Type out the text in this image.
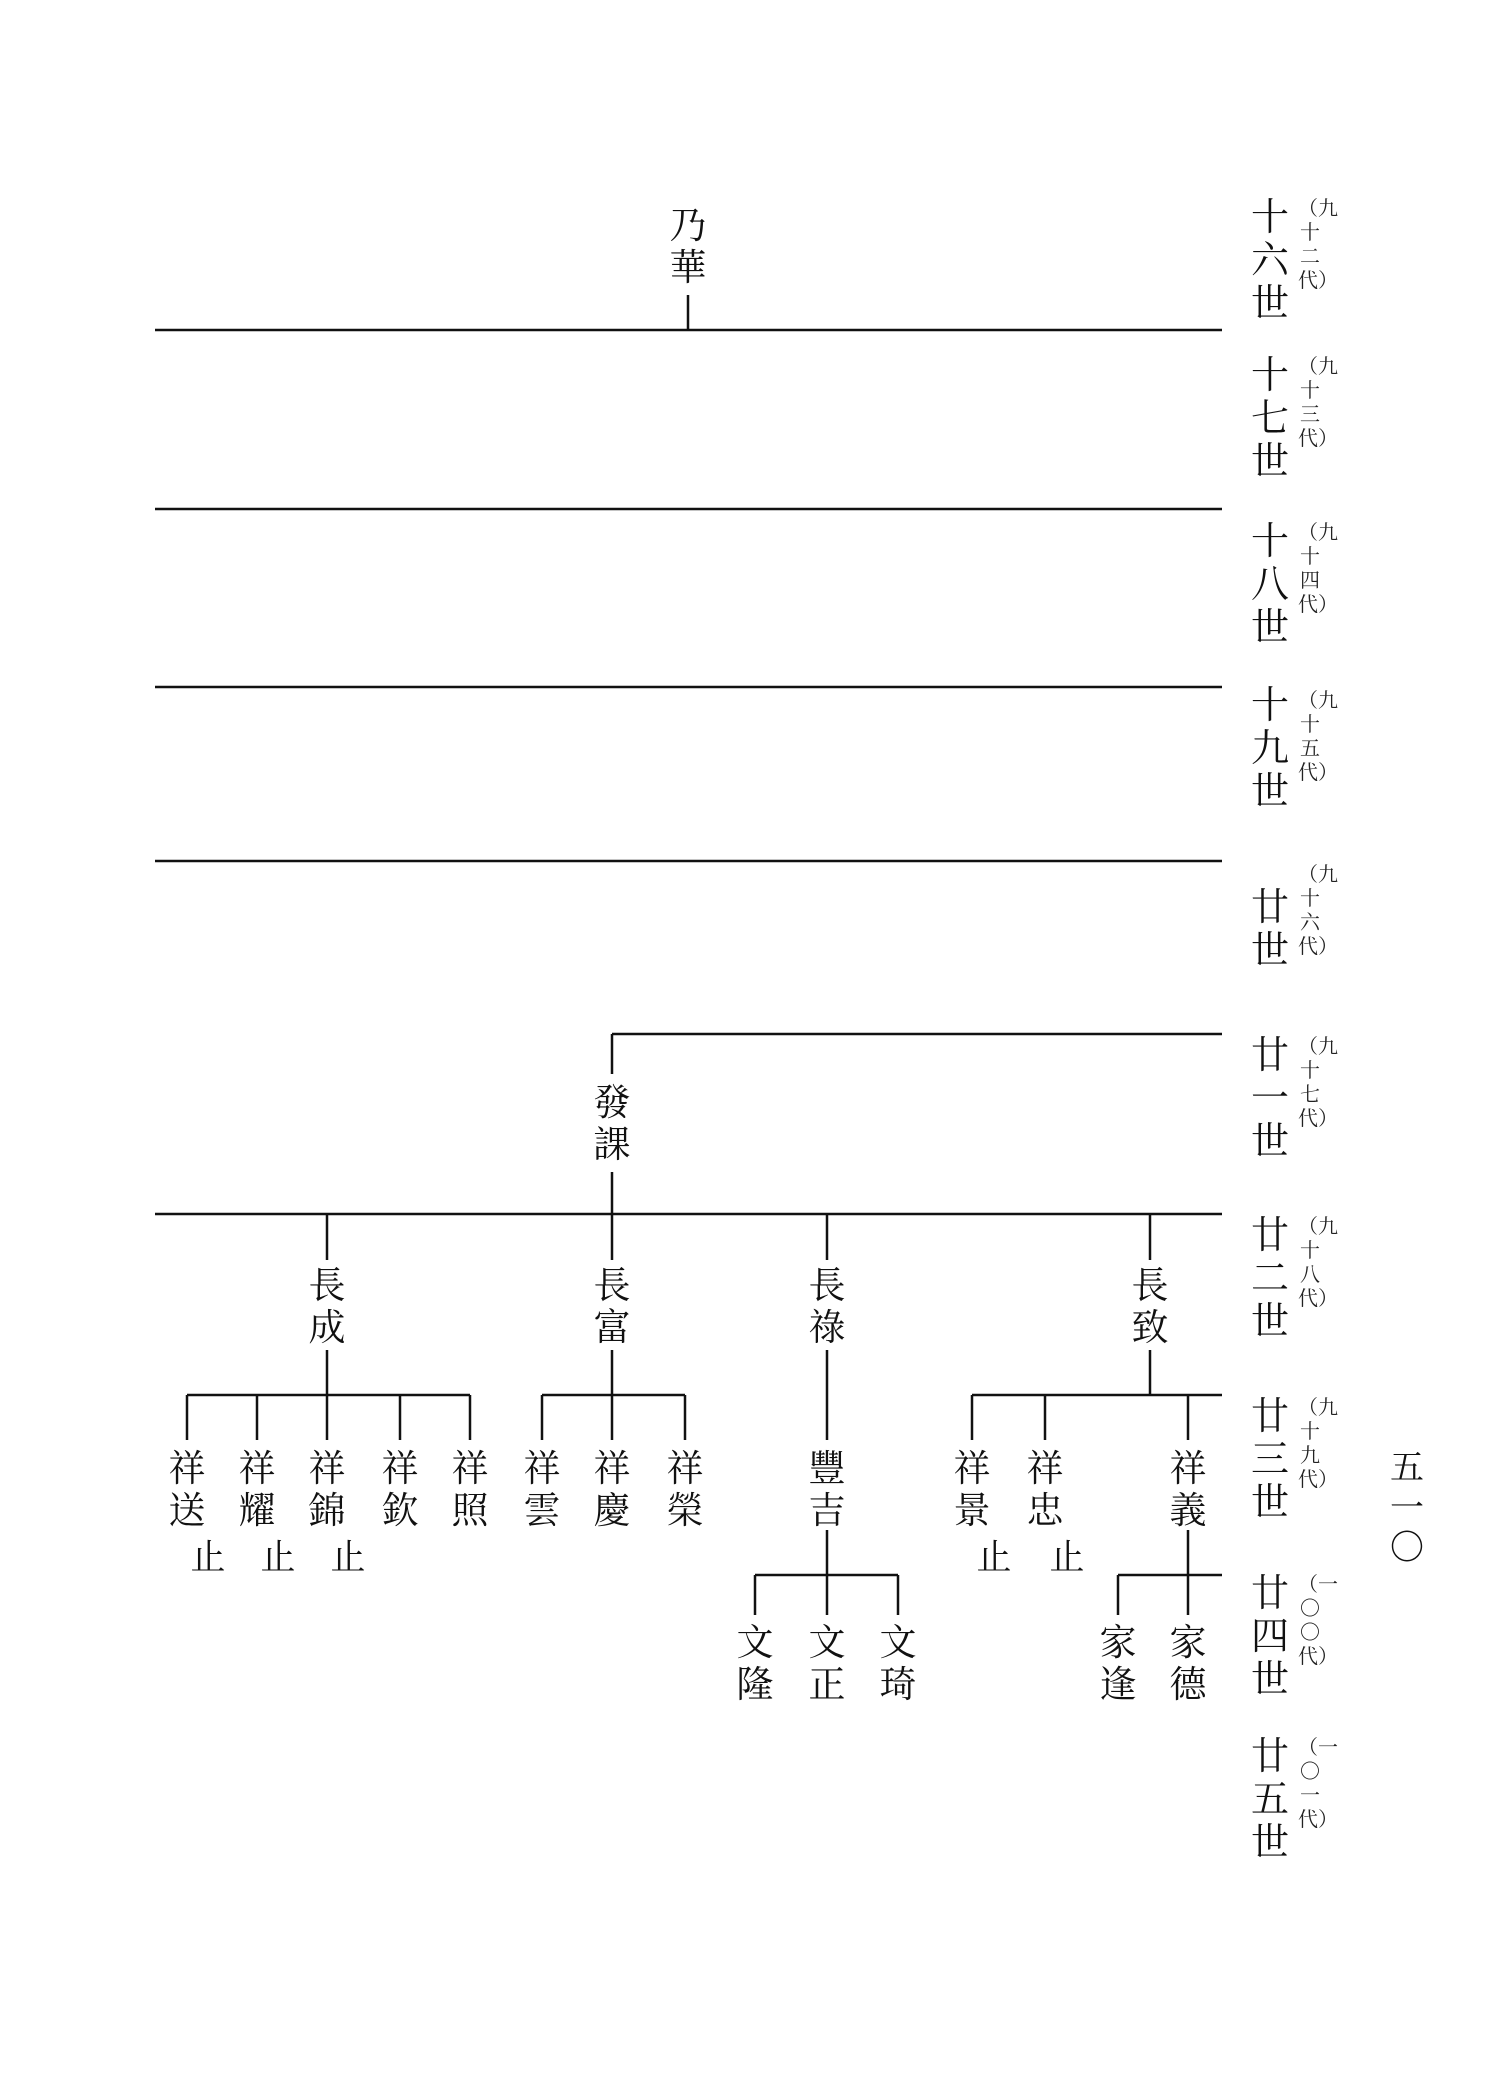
十六世
（九十二代）
十七世
（九十三代）
十八世
（九十四代）
十九世
（九十五代）
廿世
（九十六代）
廿一世
（九十七代）
廿二世
（九十八代）
廿三世
（九十九代）
廿四世
（一〇〇代）
廿五世
（一〇一代）
五一〇
乃華
發課
長成
長富
長祿
長致
祥送
祥耀
祥錦
祥欽
祥照
止 止 止
祥雲
祥慶
祥榮
豐吉
祥景
祥忠
祥義
止 止
文隆
文正
文琦
家逢
家德
